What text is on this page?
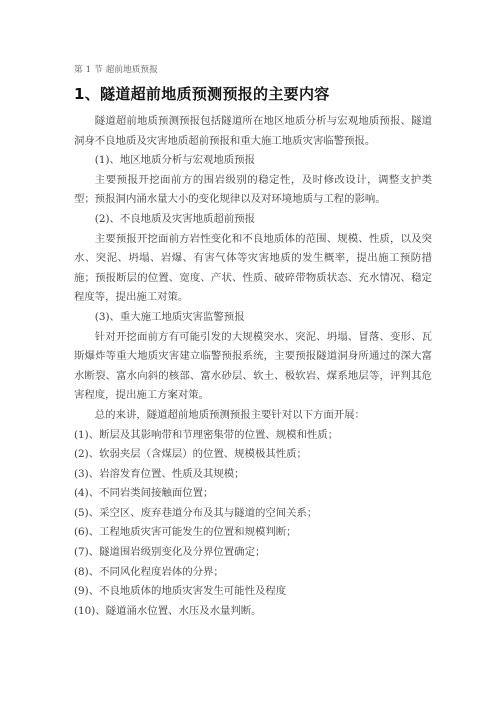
第 1 节 超前地质预报
1、隧道超前地质预测预报的主要内容

隧道超前地质预测预报包括隧道所在地区地质分析与宏观地质预报、隧道洞身不良地质及灾害地质超前预报和重大施工地质灾害临警预报。

(1)、地区地质分析与宏观地质预报

主要预报开挖面前方的围岩级别的稳定性，及时修改设计，调整支护类型；预报洞内涌水量大小的变化规律以及对环境地质与工程的影响。

(2)、不良地质及灾害地质超前预报

主要预报开挖面前方岩性变化和不良地质体的范围、规模、性质，以及突水、突泥、坍塌、岩爆、有害气体等灾害地质的发生概率，提出施工预防措施；预报断层的位置、宽度、产状、性质、破碎带物质状态、充水情况、稳定程度等，提出施工对策。

(3)、重大施工地质灾害监警预报

针对开挖面前方有可能引发的大规模突水、突泥、坍塌、冒落、变形、瓦斯爆炸等重大地质灾害建立临警预报系统，主要预报隧道洞身所通过的深大富水断裂、富水向斜的核部、富水砂层、软土、极软岩、煤系地层等，评判其危害程度，提出施工方案对策。

总的来讲，隧道超前地质预测预报主要针对以下方面开展：

(1)、断层及其影响带和节理密集带的位置、规模和性质；

(2)、软弱夹层（含煤层）的位置、规模极其性质；

(3)、岩溶发育位置、性质及其规模；

(4)、不同岩类间接触面位置；

(5)、采空区、废弃巷道分布及其与隧道的空间关系；

(6)、工程地质灾害可能发生的位置和规模判断；

(7)、隧道围岩级别变化及分界位置确定；

(8)、不同风化程度岩体的分界；

(9)、不良地质体的地质灾害发生可能性及程度

(10)、隧道涌水位置、水压及水量判断。
